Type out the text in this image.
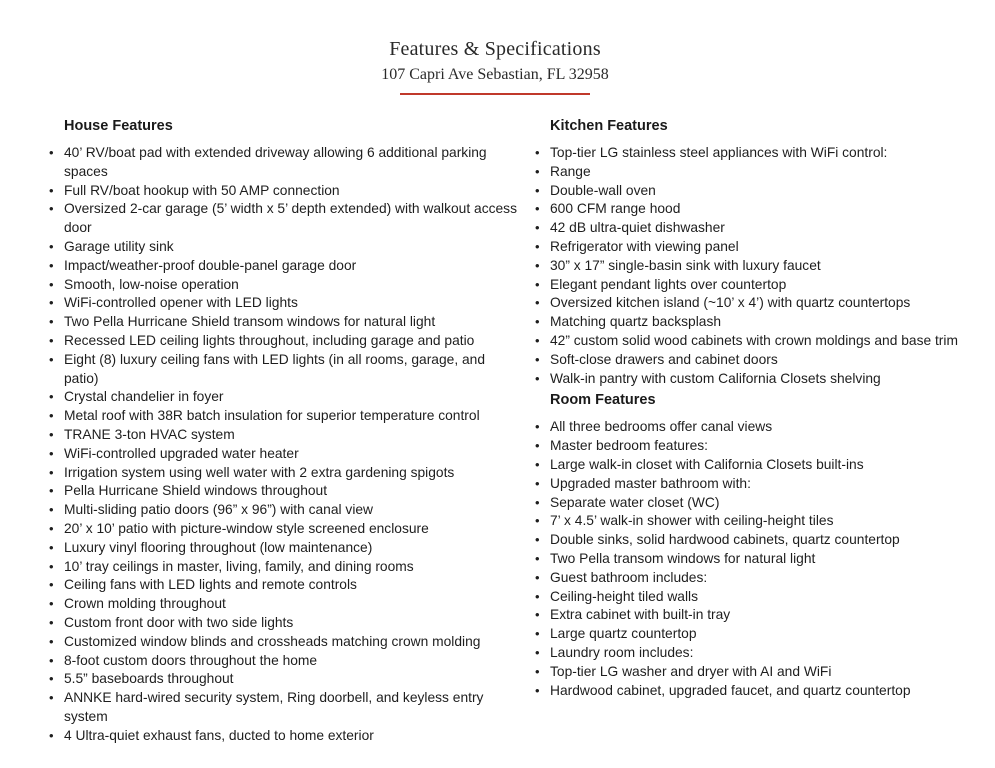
Features & Specifications
107 Capri Ave Sebastian, FL 32958
House Features
• 40’ RV/boat pad with extended driveway allowing 6 additional parking spaces
• Full RV/boat hookup with 50 AMP connection
• Oversized 2-car garage (5’ width x 5’ depth extended) with walkout access door
• Garage utility sink
• Impact/weather-proof double-panel garage door
• Smooth, low-noise operation
• WiFi-controlled opener with LED lights
• Two Pella Hurricane Shield transom windows for natural light
• Recessed LED ceiling lights throughout, including garage and patio
• Eight (8) luxury ceiling fans with LED lights (in all rooms, garage, and patio)
• Crystal chandelier in foyer
• Metal roof with 38R batch insulation for superior temperature control
• TRANE 3-ton HVAC system
• WiFi-controlled upgraded water heater
• Irrigation system using well water with 2 extra gardening spigots
• Pella Hurricane Shield windows throughout
• Multi-sliding patio doors (96” x 96”) with canal view
• 20’ x 10’ patio with picture-window style screened enclosure
• Luxury vinyl flooring throughout (low maintenance)
• 10’ tray ceilings in master, living, family, and dining rooms
• Ceiling fans with LED lights and remote controls
• Crown molding throughout
• Custom front door with two side lights
• Customized window blinds and crossheads matching crown molding
• 8-foot custom doors throughout the home
• 5.5” baseboards throughout
• ANNKE hard-wired security system, Ring doorbell, and keyless entry system
• 4 Ultra-quiet exhaust fans, ducted to home exterior
Kitchen Features
• Top-tier LG stainless steel appliances with WiFi control:
• Range
• Double-wall oven
• 600 CFM range hood
• 42 dB ultra-quiet dishwasher
• Refrigerator with viewing panel
• 30” x 17” single-basin sink with luxury faucet
• Elegant pendant lights over countertop
• Oversized kitchen island (~10’ x 4’) with quartz countertops
• Matching quartz backsplash
• 42” custom solid wood cabinets with crown moldings and base trim
• Soft-close drawers and cabinet doors
• Walk-in pantry with custom California Closets shelving
Room Features
• All three bedrooms offer canal views
• Master bedroom features:
• Large walk-in closet with California Closets built-ins
• Upgraded master bathroom with:
• Separate water closet (WC)
• 7’ x 4.5’ walk-in shower with ceiling-height tiles
• Double sinks, solid hardwood cabinets, quartz countertop
• Two Pella transom windows for natural light
• Guest bathroom includes:
• Ceiling-height tiled walls
• Extra cabinet with built-in tray
• Large quartz countertop
• Laundry room includes:
• Top-tier LG washer and dryer with AI and WiFi
• Hardwood cabinet, upgraded faucet, and quartz countertop
